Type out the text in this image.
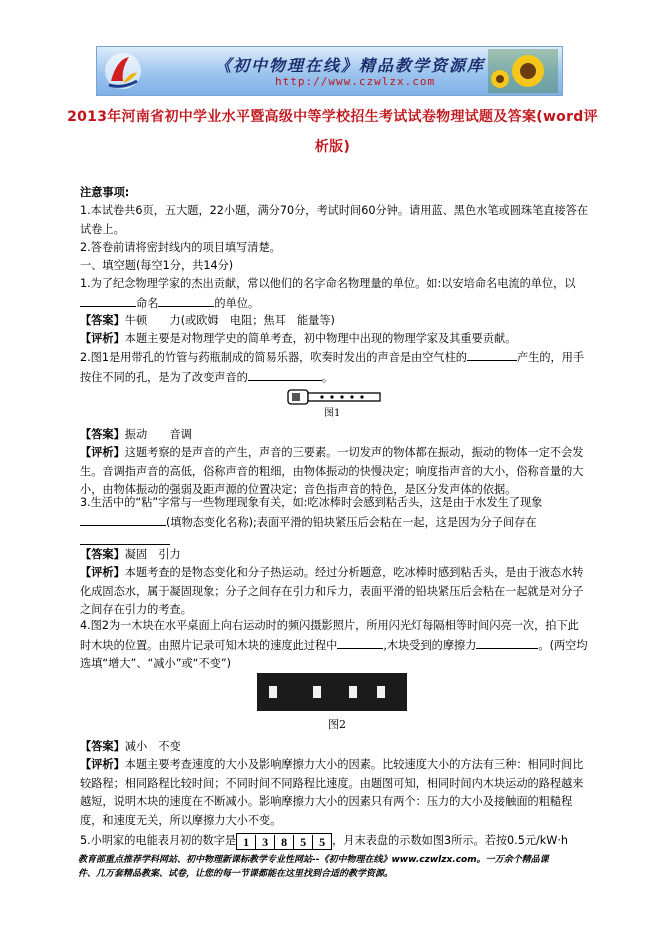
《初中物理在线》精品教学资源库
http://www.czwlzx.com
2013年河南省初中学业水平暨高级中等学校招生考试试卷物理试题及答案(word评析版)
注意事项:
1.本试卷共6页，五大题，22小题，满分70分，考试时间60分钟。请用蓝、黑色水笔或圆珠笔直接答在试卷上。
2.答卷前请将密封线内的项目填写清楚。
一、填空题(每空1分，共14分)
1.为了纪念物理学家的杰出贡献，常以他们的名字命名物理量的单位。如:以安培命名电流的单位，以命名	的单位。
【答案】牛顿　　力(或欧姆　电阻；焦耳　能量等)
【评析】本题主要是对物理学史的简单考查，初中物理中出现的物理学家及其重要贡献。
2.图1是用带孔的竹管与药瓶制成的简易乐器，吹奏时发出的声音是由空气柱的	产生的，用手按住不同的孔，是为了改变声音的	。
图1
【答案】振动　　音调
【评析】这题考察的是声音的产生，声音的三要素。一切发声的物体都在振动，振动的物体一定不会发生。音调指声音的高低，俗称声音的粗细，由物体振动的快慢决定；响度指声音的大小，俗称音量的大小，由物体振动的强弱及距声源的位置决定；音色指声音的特色，是区分发声体的依据。
3.生活中的“粘”字常与一些物理现象有关，如:吃冰棒时会感到粘舌头，这是由于水发生了现象
(填物态变化名称);表面平滑的铅块紧压后会粘在一起，这是因为分子间存在

【答案】凝固　引力
【评析】本题考查的是物态变化和分子热运动。经过分析题意，吃冰棒时感到粘舌头，是由于液态水转化成固态水，属于凝固现象；分子之间存在引力和斥力，表面平滑的铅块紧压后会粘在一起就是对分子之间存在引力的考查。
4.图2为一木块在水平桌面上向右运动时的频闪摄影照片，所用闪光灯每隔相等时间闪亮一次，拍下此时木块的位置。由照片记录可知木块的速度此过程中	,木块受到的摩擦力	。(两空均选填“增大”、“减小”或“不变”)
图2
【答案】减小　不变
【评析】本题主要考查速度的大小及影响摩擦力大小的因素。比较速度大小的方法有三种：相同时间比较路程；相同路程比较时间；不同时间不同路程比速度。由题图可知，相同时间内木块运动的路程越来越短，说明木块的速度在不断减小。影响摩擦力大小的因素只有两个：压力的大小及接触面的粗糙程度，和速度无关，所以摩擦力大小不变。
5.小明家的电能表月初的数字是 1 3 8 5 5 ，月末表盘的示数如图3所示。若按0.5元/kW·h
教育部重点推荐学科网站、初中物理新课标教学专业性网站--《初中物理在线》www.czwlzx.com。一万余个精品课
件、几万套精品教案、试卷，让您的每一节课都能在这里找到合适的教学资源。
